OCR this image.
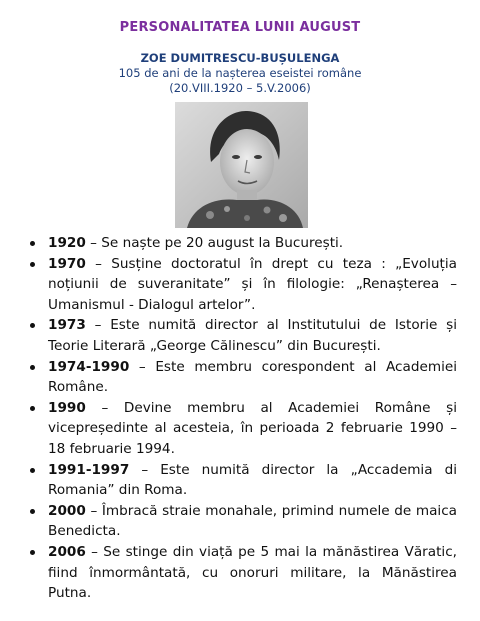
PERSONALITATEA LUNII AUGUST
ZOE DUMITRESCU-BUȘULENGA
105 de ani de la nașterea eseistei române
(20.VIII.1920 – 5.V.2006)
1920 – Se naște pe 20 august la București.
1970 – Susține doctoratul în drept cu teza : „Evoluția noțiunii de suveranitate” și în filologie: „Renașterea – Umanismul - Dialogul artelor”.
1973 – Este numită director al Institutului de Istorie și Teorie Literară „George Călinescu” din București.
1974-1990 – Este membru corespondent al Academiei Române.
1990 – Devine membru al Academiei Române și vicepreședinte al acesteia, în perioada 2 februarie 1990 – 18 februarie 1994.
1991-1997 – Este numită director la „Accademia di Romania” din Roma.
2000 – Îmbracă straie monahale, primind numele de maica Benedicta.
2006 – Se stinge din viață pe 5 mai la mănăstirea Văratic, fiind înmormântată, cu onoruri militare, la Mănăstirea Putna.
